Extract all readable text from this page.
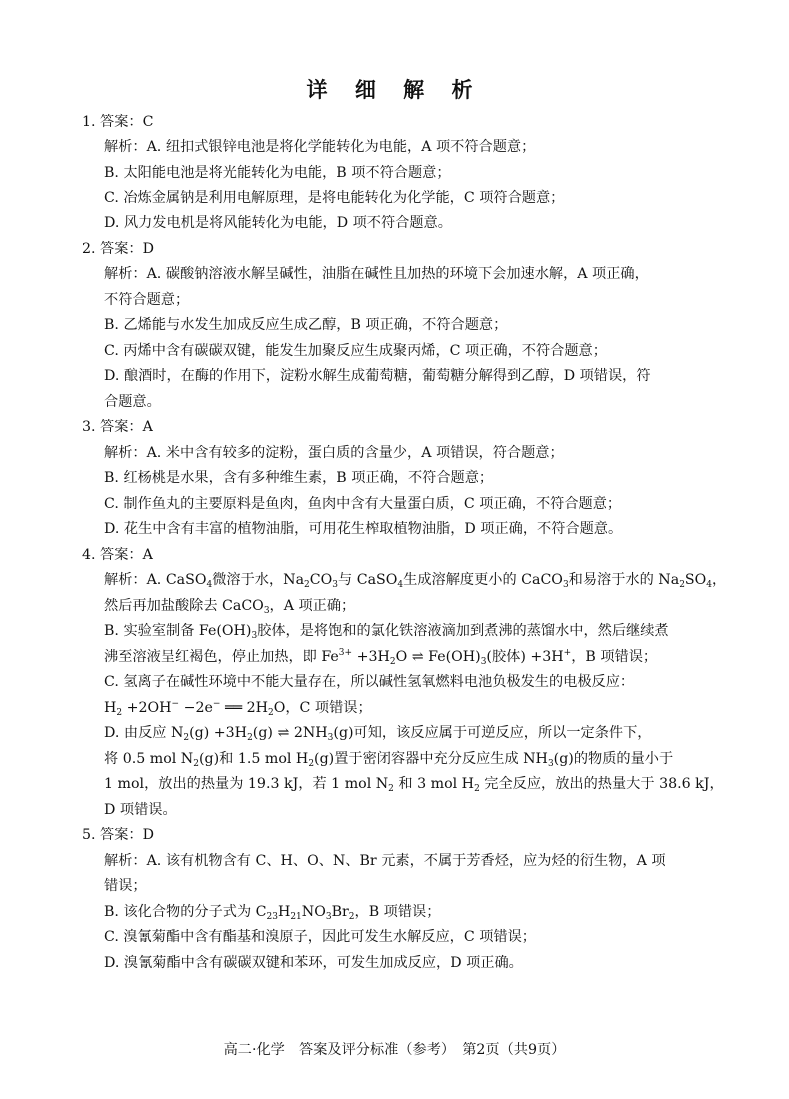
详 细 解 析
1. 答案：C
解析：A. 纽扣式银锌电池是将化学能转化为电能，A 项不符合题意；
B. 太阳能电池是将光能转化为电能，B 项不符合题意；
C. 冶炼金属钠是利用电解原理，是将电能转化为化学能，C 项符合题意；
D. 风力发电机是将风能转化为电能，D 项不符合题意。
2. 答案：D
解析：A. 碳酸钠溶液水解呈碱性，油脂在碱性且加热的环境下会加速水解，A 项正确，
不符合题意；
B. 乙烯能与水发生加成反应生成乙醇，B 项正确，不符合题意；
C. 丙烯中含有碳碳双键，能发生加聚反应生成聚丙烯，C 项正确，不符合题意；
D. 酿酒时，在酶的作用下，淀粉水解生成葡萄糖，葡萄糖分解得到乙醇，D 项错误，符
合题意。
3. 答案：A
解析：A. 米中含有较多的淀粉，蛋白质的含量少，A 项错误，符合题意；
B. 红杨桃是水果，含有多种维生素，B 项正确，不符合题意；
C. 制作鱼丸的主要原料是鱼肉，鱼肉中含有大量蛋白质，C 项正确，不符合题意；
D. 花生中含有丰富的植物油脂，可用花生榨取植物油脂，D 项正确，不符合题意。
4. 答案：A
解析：A. CaSO$_4$微溶于水，$Na_2CO_3$与 CaSO$_4$生成溶解度更小的 CaCO$_3$和易溶于水的 $Na_2SO_4$，
然后再加盐酸除去 CaCO$_3$，A 项正确；
B. 实验室制备 $Fe(OH)_3$胶体，是将饱和的氯化铁溶液滴加到煮沸的蒸馏水中，然后继续煮
沸至溶液呈红褐色，停止加热，即 $Fe^{3+} +3H_2O$ ⇌ $Fe(OH)_3$(胶体) +3H+，B 项错误；
C. 氢离子在碱性环境中不能大量存在，所以碱性氢氧燃料电池负极发生的电极反应：
$H_2 +2OH^- -2e^-$ ══ $2H_2O$，C 项错误；
D. 由反应 $N_2(g) +3H_2(g)$ ⇌ $2NH_3(g)$可知，该反应属于可逆反应，所以一定条件下，
将 0.5 mol $N_2(g)$和 1.5 mol $H_2(g)$置于密闭容器中充分反应生成 $NH_3(g)$的物质的量小于
1 mol，放出的热量为 19.3 kJ，若 1 mol $N_2$ 和 3 mol $H_2$ 完全反应，放出的热量大于 38.6 kJ，
D 项错误。
5. 答案：D
解析：A. 该有机物含有 C、H、O、N、Br 元素，不属于芳香烃，应为烃的衍生物，A 项
错误；
B. 该化合物的分子式为 $C_{23}H_{21}NO_3Br_2$，B 项错误；
C. 溴氰菊酯中含有酯基和溴原子，因此可发生水解反应，C 项错误；
D. 溴氰菊酯中含有碳碳双键和苯环，可发生加成反应，D 项正确。
高二·化学　答案及评分标准（参考）　第2页（共9页）
